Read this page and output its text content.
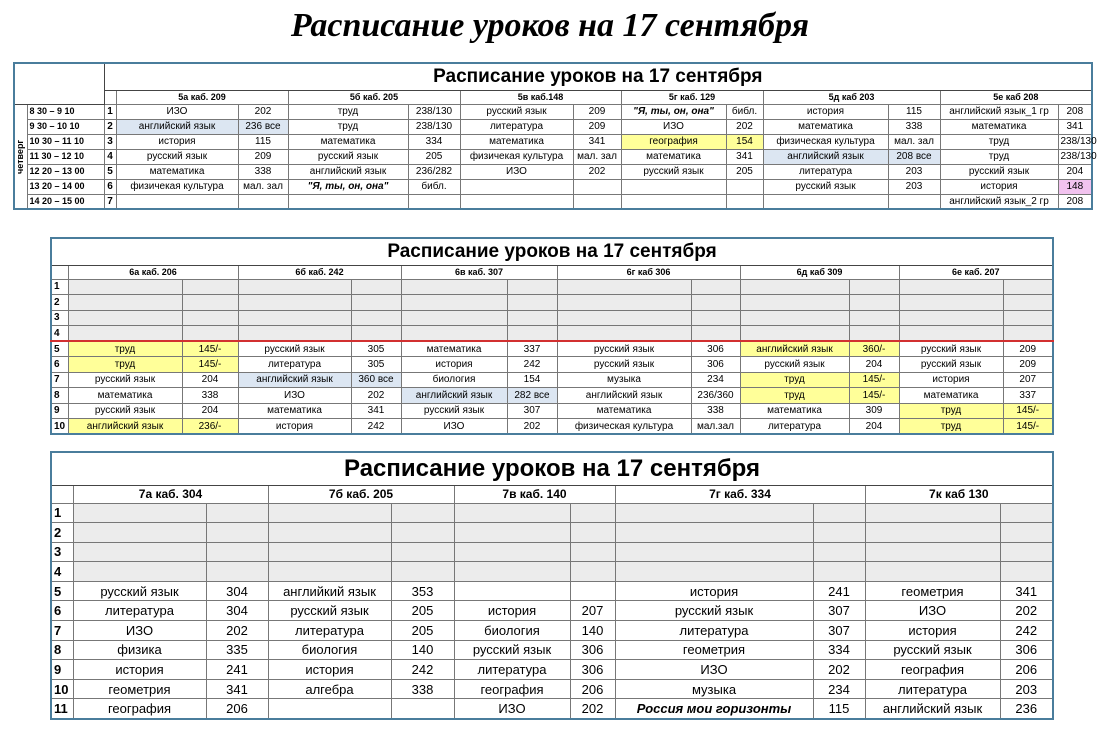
Расписание уроков на 17 сентября
		Расписание уроков на 17 сентября												
			5а каб. 209		5б каб. 205		5в каб.148		5г каб. 129		5д каб 203		5е каб 208	
четверг	8 30 – 9 10	1	ИЗО	202	труд	238/130	русский язык	209	"Я, ты, он, она"	библ.	история	115	английский язык_1 гр	208
	9 30 – 10 10	2	английский язык	236 все	труд	238/130	литература	209	ИЗО	202	математика	338	математика	341
	10 30 – 11 10	3	история	115	математика	334	математика	341	география	154	физическая культура	мал. зал	труд	238/130
	11 30 – 12 10	4	русский язык	209	русский язык	205	физичекая культура	мал. зал	математика	341	английский язык	208 все	труд	238/130
	12 20 – 13 00	5	математика	338	английский язык	236/282	ИЗО	202	русский язык	205	литература	203	русский язык	204
	13 20 – 14 00	6	физичекая культура	мал. зал	"Я, ты, он, она"	библ.					русский язык	203	история	148
	14 20 – 15 00	7											английский язык_2 гр	208
Расписание уроков на 17 сентября												
	6а каб. 206		6б каб. 242		6в каб. 307		6г каб 306		6д каб 309		6е каб. 207	
1												
2												
3												
4												
5	труд	145/-	русский язык	305	математика	337	русский язык	306	английский язык	360/-	русский язык	209
6	труд	145/-	литература	305	история	242	русский язык	306	русский язык	204	русский язык	209
7	русский язык	204	английский язык	360 все	биология	154	музыка	234	труд	145/-	история	207
8	математика	338	ИЗО	202	английский язык	282 все	английский язык	236/360	труд	145/-	математика	337
9	русский язык	204	математика	341	русский язык	307	математика	338	математика	309	труд	145/-
10	английский язык	236/-	история	242	ИЗО	202	физическая культура	мал.зал	литература	204	труд	145/-
Расписание уроков на 17 сентября										
	7а каб. 304		7б каб. 205		7в каб. 140		7г каб. 334		7к каб 130	
1										
2										
3										
4										
5	русский язык	304	английкий язык	353			история	241	геометрия	341
6	литература	304	русский язык	205	история	207	русский язык	307	ИЗО	202
7	ИЗО	202	литература	205	биология	140	литература	307	история	242
8	физика	335	биология	140	русский язык	306	геометрия	334	русский язык	306
9	история	241	история	242	литература	306	ИЗО	202	география	206
10	геометрия	341	алгебра	338	география	206	музыка	234	литература	203
11	география	206			ИЗО	202	Россия мои горизонты	115	английский язык	236
